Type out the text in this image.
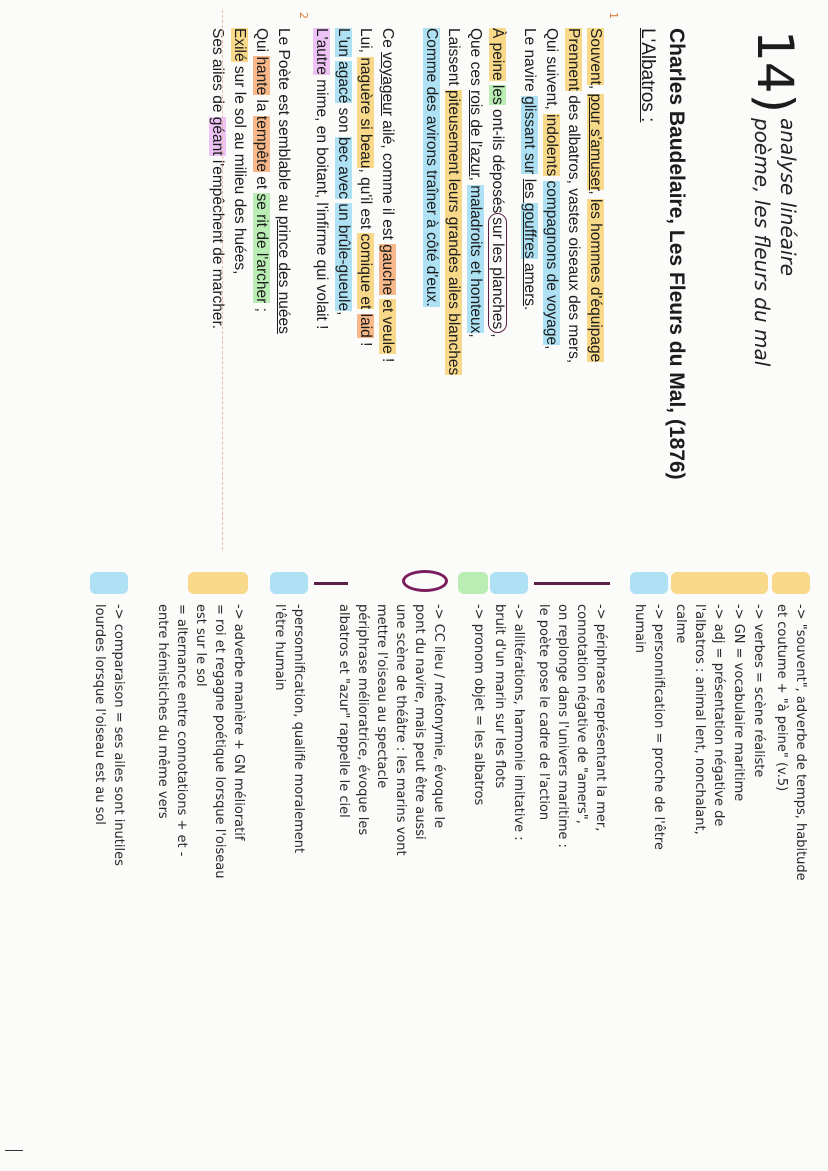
14)
analyse linéaire
poème, les fleurs du mal
Charles Baudelaire, Les Fleurs du Mal, (1876)
L'Albatros :
1
Souvent, pour s'amuser, les hommes d'équipage
Prennent des albatros, vastes oiseaux des mers,
Qui suivent, indolents compagnons de voyage,
Le navire glissant sur les gouffres amers.
À peine les ont-ils déposéssur les planches,
Que ces rois de l'azur, maladroits et honteux,
Laissent piteusement leurs grandes ailes blanches
Comme des avirons traîner à côté d'eux.
Ce voyageur ailé, comme il est gauche et veule !
Lui, naguère si beau, qu'il est comique et laid !
L'un agacé son bec avec un brûle-gueule,
L'autre mime, en boitant, l'infirme qui volait !
2
Le Poète est semblable au prince des nuées
Qui hante la tempête et se rit de l'archer ;
Exilé sur le sol au milieu des huées,
Ses ailes de géant l'empêchent de marcher.
-> "souvent", adverbe de temps, habitude
et coutume + "à peine" (v.5)
-> verbes = scène réaliste
-> GN = vocabulaire maritime
-> adj = présentation négative de
l'albatros : animal lent, nonchalant,
calme
-> personnification = proche de l'être
humain
-> périphrase représentant la mer,
connotation négative de "amers",
on replonge dans l'univers maritime :
le poète pose le cadre de l'action
-> allitérations, harmonie imitative :
bruit d'un marin sur les flots
-> pronom objet = les albatros
-> CC lieu / métonymie, évoque le
pont du navire, mais peut être aussi
une scène de théâtre : les marins vont
mettre l'oiseau au spectacle
périphrase mélioratrice, évoque les
albatros et "azur" rappelle le ciel
-personnification, qualifie moralement
l'être humain
-> adverbe manière + GN mélioratif
= roi et regagne poétique lorsque l'oiseau
est sur le sol
= alternance entre connotations + et -
entre hémistiches du même vers
-> comparaison = ses ailes sont inutiles
lourdes lorsque l'oiseau est au sol
